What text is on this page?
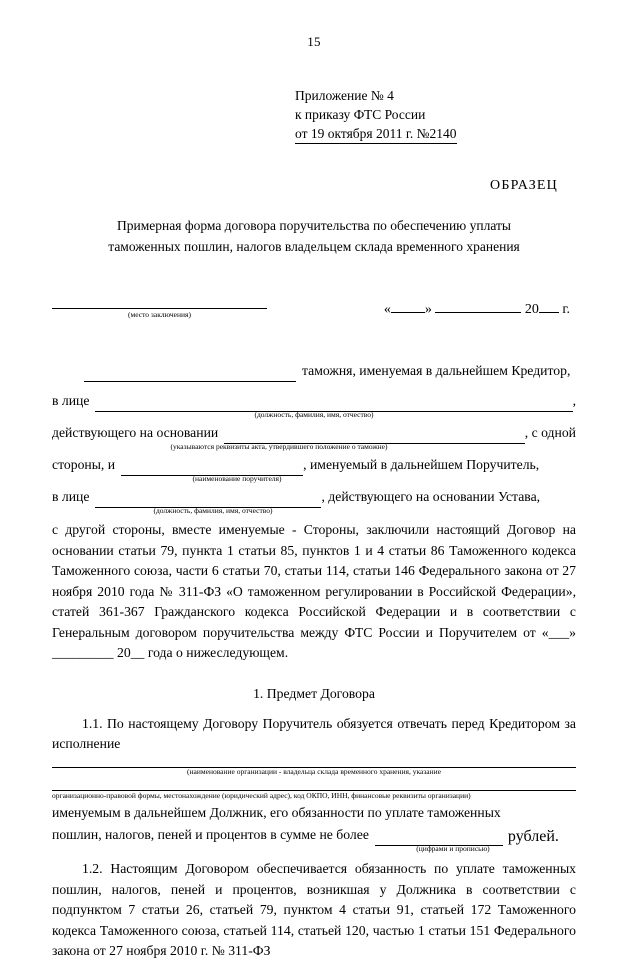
15
Приложение № 4
к приказу ФТС России
от 19 октября 2011 г. №2140
ОБРАЗЕЦ
Примерная форма договора поручительства по обеспечению уплаты
таможенных пошлин, налогов владельцем склада временного хранения
(место заключения)	« »	20 г.
таможня, именуемая в дальнейшем Кредитор,
в лице	,
(должность, фамилия, имя, отчество)
действующего на основании	, с одной
(указываются реквизиты акта, утвердившего положение о таможне)
стороны, и	, именуемый в дальнейшем Поручитель,
(наименование поручителя)
в лице	, действующего на основании Устава,
(должность, фамилия, имя, отчество)
с другой стороны, вместе именуемые - Стороны, заключили настоящий Договор на основании статьи 79, пункта 1 статьи 85, пунктов 1 и 4 статьи 86 Таможенного кодекса Таможенного союза, части 6 статьи 70, статьи 114, статьи 146 Федерального закона от 27 ноября 2010 года № 311-ФЗ «О таможенном регулировании в Российской Федерации», статей 361-367 Гражданского кодекса Российской Федерации и в соответствии с Генеральным договором поручительства между ФТС России и Поручителем от «___» _________ 20__ года о нижеследующем.
1. Предмет Договора
1.1. По настоящему Договору Поручитель обязуется отвечать перед Кредитором за исполнение
(наименование организации - владельца склада временного хранения, указание
организационно-правовой формы, местонахождение (юридический адрес), код ОКПО, ИНН, финансовые реквизиты организации)
именуемым в дальнейшем Должник, его обязанности по уплате таможенных
пошлин, налогов, пеней и процентов в сумме не более	рублей.
(цифрами и прописью)
1.2. Настоящим Договором обеспечивается обязанность по уплате таможенных пошлин, налогов, пеней и процентов, возникшая у Должника в соответствии с подпунктом 7 статьи 26, статьей 79, пунктом 4 статьи 91, статьей 172 Таможенного кодекса Таможенного союза, статьей 114, статьей 120, частью 1 статьи 151 Федерального закона от 27 ноября 2010 г. № 311-ФЗ
